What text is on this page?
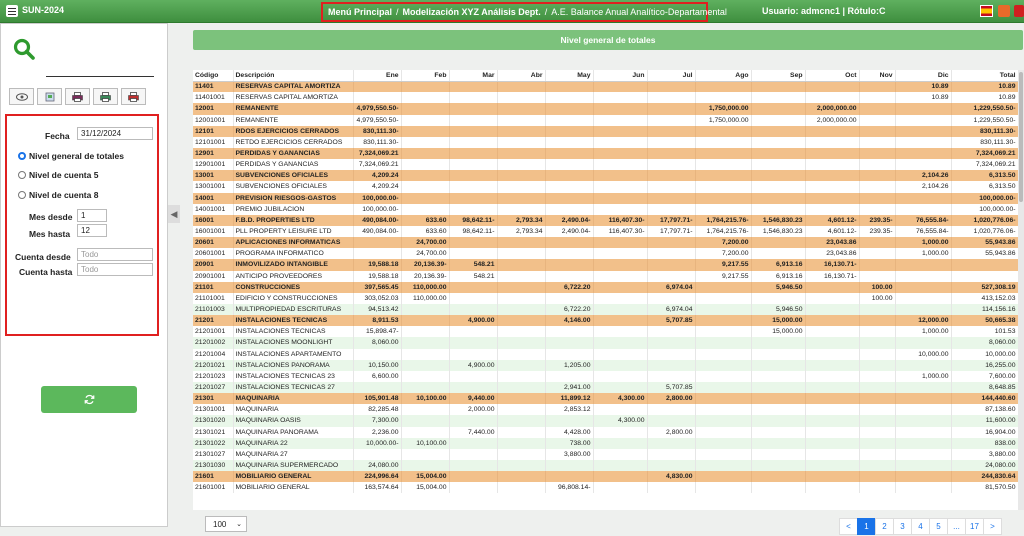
SUN-2024	Menú Principal / Modelización XYZ Análisis Dept. / A.E. Balance Anual Analítico-Departamental	Usuario: admcnc1 | Rótulo:C
Fecha
31/12/2024
Nivel general de totales
Nivel de cuenta 5
Nivel de cuenta 8
Mes desde
1
Mes hasta
12
Cuenta desde
Todo
Cuenta hasta
Todo
◀
Nivel general de totales
Código	Descripción	Ene	Feb	Mar	Abr	May	Jun	Jul	Ago	Sep	Oct	Nov	Dic	Total
11401	RESERVAS CAPITAL AMORTIZA												10.89	10.89
11401001	RESERVAS CAPITAL AMORTIZA												10.89	10.89
12001	REMANENTE	4,979,550.50-							1,750,000.00		2,000,000.00			1,229,550.50-
12001001	REMANENTE	4,979,550.50-							1,750,000.00		2,000,000.00			1,229,550.50-
12101	RDOS EJERCICIOS CERRADOS	830,111.30-												830,111.30-
12101001	RETDO EJERCICIOS CERRADOS	830,111.30-												830,111.30-
12901	PERDIDAS Y GANANCIAS	7,324,069.21												7,324,069.21
12901001	PERDIDAS Y GANANCIAS	7,324,069.21												7,324,069.21
13001	SUBVENCIONES OFICIALES	4,209.24											2,104.26	6,313.50
13001001	SUBVENCIONES OFICIALES	4,209.24											2,104.26	6,313.50
14001	PREVISION RIESGOS-GASTOS	100,000.00-												100,000.00-
14001001	PREMIO JUBILACION	100,000.00-												100,000.00-
16001	F.B.D. PROPERTIES LTD	490,084.00-	633.60	98,642.11-	2,793.34	2,490.04-	116,407.30-	17,797.71-	1,764,215.76-	1,546,830.23	4,601.12-	239.35-	76,555.84-	1,020,776.06-
16001001	PLL PROPERTY LEISURE LTD	490,084.00-	633.60	98,642.11-	2,793.34	2,490.04-	116,407.30-	17,797.71-	1,764,215.76-	1,546,830.23	4,601.12-	239.35-	76,555.84-	1,020,776.06-
20601	APLICACIONES INFORMATICAS		24,700.00						7,200.00		23,043.86		1,000.00	55,943.86
20601001	PROGRAMA INFORMATICO		24,700.00						7,200.00		23,043.86		1,000.00	55,943.86
20901	INMOVILIZADO INTANGIBLE	19,588.18	20,136.39-	548.21					9,217.55	6,913.16	16,130.71-			
20901001	ANTICIPO PROVEEDORES	19,588.18	20,136.39-	548.21					9,217.55	6,913.16	16,130.71-			
21101	CONSTRUCCIONES	397,565.45	110,000.00			6,722.20		6,974.04		5,946.50		100.00		527,308.19
21101001	EDIFICIO Y CONSTRUCCIONES	303,052.03	110,000.00									100.00		413,152.03
21101003	MULTIPROPIEDAD ESCRITURAS	94,513.42				6,722.20		6,974.04		5,946.50				114,156.16
21201	INSTALACIONES TECNICAS	8,911.53		4,900.00		4,146.00		5,707.85		15,000.00			12,000.00	50,665.38
21201001	INSTALACIONES TECNICAS	15,898.47-								15,000.00			1,000.00	101.53
21201002	INSTALACIONES MOONLIGHT	8,060.00												8,060.00
21201004	INSTALACIONES APARTAMENTO												10,000.00	10,000.00
21201021	INSTALACIONES PANORAMA	10,150.00		4,900.00		1,205.00								16,255.00
21201023	INSTALACIONES TECNICAS 23	6,600.00											1,000.00	7,600.00
21201027	INSTALACIONES TECNICAS 27					2,941.00		5,707.85						8,648.85
21301	MAQUINARIA	105,901.48	10,100.00	9,440.00		11,899.12	4,300.00	2,800.00						144,440.60
21301001	MAQUINARIA	82,285.48		2,000.00		2,853.12								87,138.60
21301020	MAQUINARIA OASIS	7,300.00					4,300.00							11,600.00
21301021	MAQUINARIA PANORAMA	2,236.00		7,440.00		4,428.00		2,800.00						16,904.00
21301022	MAQUINARIA 22	10,000.00-	10,100.00			738.00								838.00
21301027	MAQUINARIA 27					3,880.00								3,880.00
21301030	MAQUINARIA SUPERMERCADO	24,080.00												24,080.00
21601	MOBILIARIO GENERAL	224,996.64	15,004.00					4,830.00						244,830.64
21601001	MOBILIARIO GENERAL	163,574.64	15,004.00			96,808.14-								81,570.50
100 ⌄	<	1	2	3	4	5	...	17	>
